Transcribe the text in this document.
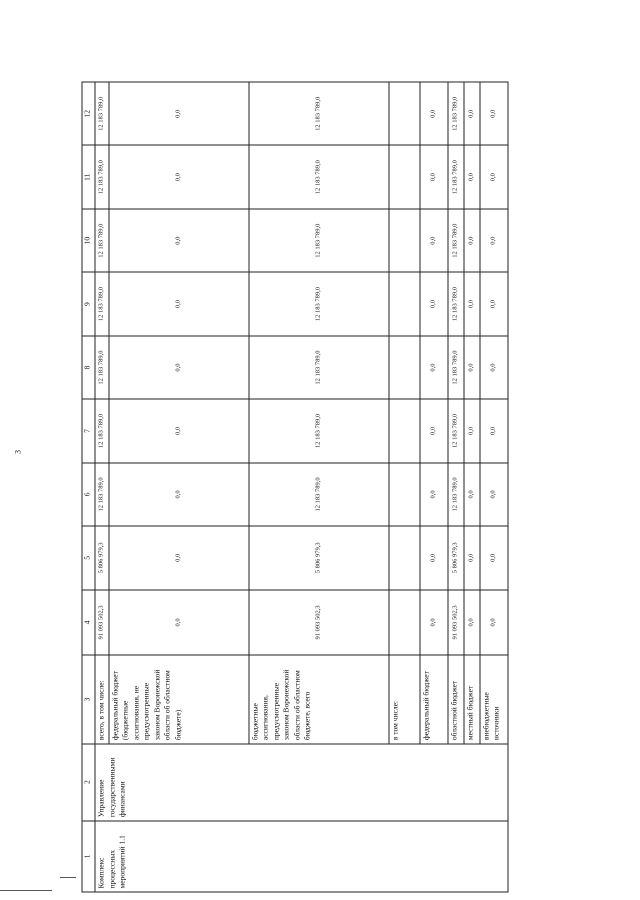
3
1	2	3	4	5	6	7	8	9	10	11	12
Комплекс процессных мероприятий 1.1	Управление государственными финансами	всего, в том числе:	91 093 502,3	5 806 979,3	12 183 789,0	12 183 789,0	12 183 789,0	12 183 789,0	12 183 789,0	12 183 789,0	12 183 789,0
		федеральный бюджет (бюджетные ассигнования, не предусмотренные законом Воронежской области об областном бюджете)	0,0	0,0	0,0	0,0	0,0	0,0	0,0	0,0	0,0
		бюджетные ассигнования, предусмотренные законом Воронежской области об областном бюджете, всего	91 093 502,3	5 806 979,3	12 183 789,0	12 183 789,0	12 183 789,0	12 183 789,0	12 183 789,0	12 183 789,0	12 183 789,0
		в том числе:									
		федеральный бюджет	0,0	0,0	0,0	0,0	0,0	0,0	0,0	0,0	0,0
		областной бюджет	91 093 502,3	5 806 979,3	12 183 789,0	12 183 789,0	12 183 789,0	12 183 789,0	12 183 789,0	12 183 789,0	12 183 789,0
		местный бюджет	0,0	0,0	0,0	0,0	0,0	0,0	0,0	0,0	0,0
		внебюджетные источники	0,0	0,0	0,0	0,0	0,0	0,0	0,0	0,0	0,0
